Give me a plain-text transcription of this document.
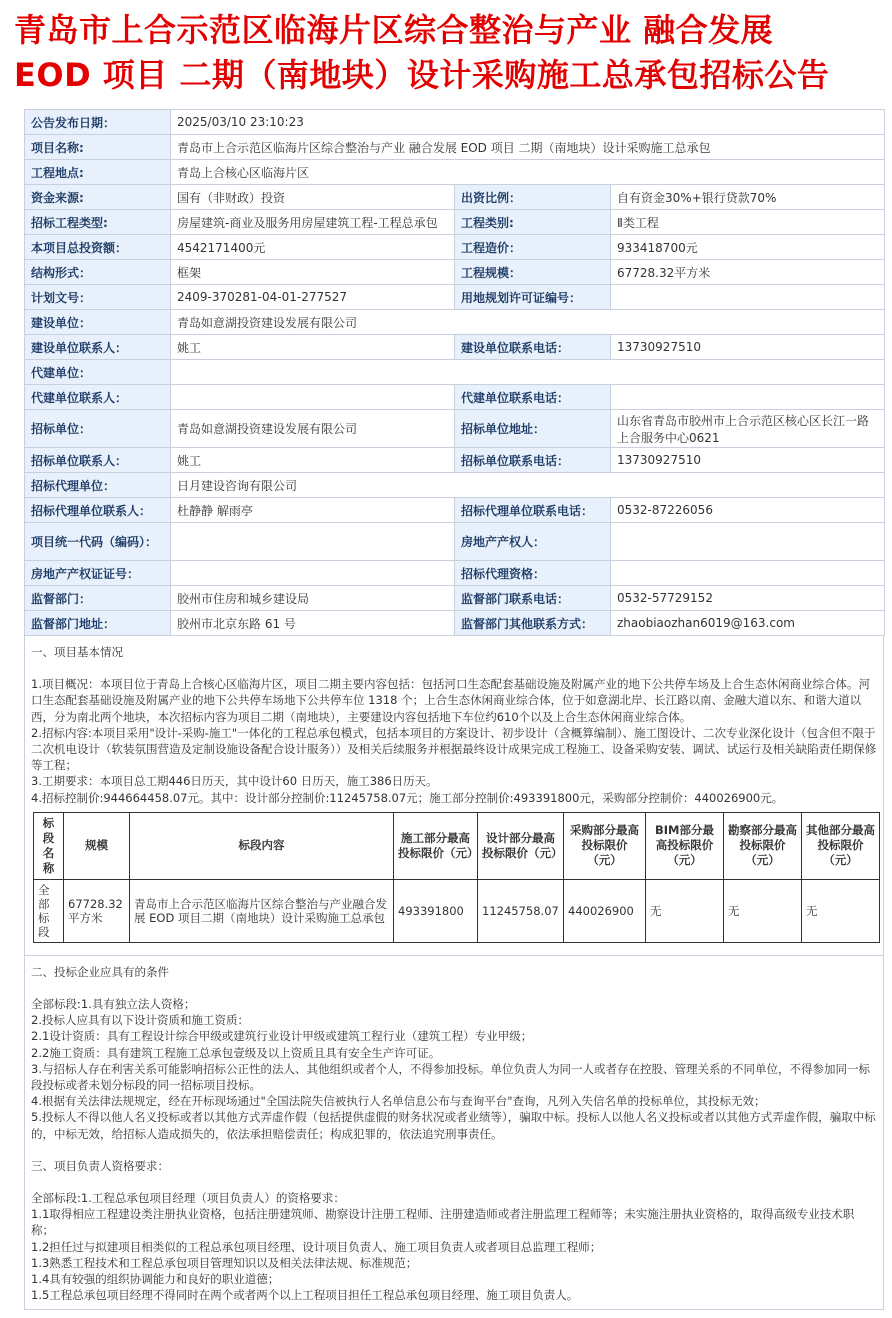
青岛市上合示范区临海片区综合整治与产业 融合发展
EOD 项目 二期（南地块）设计采购施工总承包招标公告
公告发布日期：	2025/03/10 23:10:23		
项目名称:	青岛市上合示范区临海片区综合整治与产业 融合发展 EOD 项目 二期（南地块）设计采购施工总承包		
工程地点:	青岛上合核心区临海片区		
资金来源:	国有（非财政）投资	出资比例：	自有资金30%+银行贷款70%
招标工程类型:	房屋建筑-商业及服务用房屋建筑工程-工程总承包	工程类别:	Ⅱ类工程
本项目总投资额：	4542171400元	工程造价：	933418700元
结构形式：	框架	工程规模：	67728.32平方米
计划文号：	2409-370281-04-01-277527	用地规划许可证编号：	
建设单位：	青岛如意湖投资建设发展有限公司		
建设单位联系人：	姚工	建设单位联系电话：	13730927510
代建单位：			
代建单位联系人：		代建单位联系电话：	
招标单位：	青岛如意湖投资建设发展有限公司	招标单位地址：	山东省青岛市胶州市上合示范区核心区长江一路上合服务中心0621
招标单位联系人：	姚工	招标单位联系电话：	13730927510
招标代理单位：	日月建设咨询有限公司		
招标代理单位联系人：	杜静静 解雨亭	招标代理单位联系电话：	0532-87226056
项目统一代码（编码）：		房地产产权人：	
房地产产权证证号：		招标代理资格：	
监督部门：	胶州市住房和城乡建设局	监督部门联系电话：	0532-57729152
监督部门地址：	胶州市北京东路 61 号	监督部门其他联系方式：	zhaobiaozhan6019@163.com

一、项目基本情况

1.项目概况：本项目位于青岛上合核心区临海片区，项目二期主要内容包括：包括河口生态配套基础设施及附属产业的地下公共停车场及上合生态休闲商业综合体。河口生态配套基础设施及附属产业的地下公共停车场地下公共停车位 1318 个；上合生态休闲商业综合体，位于如意湖北岸、长江路以南、金融大道以东、和谐大道以西，分为南北两个地块，本次招标内容为项目二期（南地块），主要建设内容包括地下车位约610个以及上合生态休闲商业综合体。

2.招标内容:本项目采用"设计-采购-施工"一体化的工程总承包模式，包括本项目的方案设计、初步设计（含概算编制）、施工图设计、二次专业深化设计（包含但不限于二次机电设计（软装氛围营造及定制设施设备配合设计服务））及相关后续服务并根据最终设计成果完成工程施工、设备采购安装、调试、试运行及相关缺陷责任期保修等工程；

3.工期要求：本项目总工期446日历天，其中设计60 日历天，施工386日历天。

4.招标控制价:944664458.07元。其中：设计部分控制价:11245758.07元；施工部分控制价:493391800元，采购部分控制价：440026900元。

标段名称	规模	标段内容	施工部分最高投标限价（元）	设计部分最高投标限价（元）	采购部分最高投标限价（元）	BIM部分最高投标限价（元）	勘察部分最高投标限价（元）	其他部分最高投标限价（元）
全部标段	67728.32平方米	青岛市上合示范区临海片区综合整治与产业融合发展 EOD 项目二期（南地块）设计采购施工总承包	493391800	11245758.07	440026900	无	无	无

二、投标企业应具有的条件

全部标段:1.具有独立法人资格；

2.投标人应具有以下设计资质和施工资质：

2.1设计资质：具有工程设计综合甲级或建筑行业设计甲级或建筑工程行业（建筑工程）专业甲级；

2.2施工资质：具有建筑工程施工总承包壹级及以上资质且具有安全生产许可证。

3.与招标人存在利害关系可能影响招标公正性的法人、其他组织或者个人，不得参加投标。单位负责人为同一人或者存在控股、管理关系的不同单位，不得参加同一标段投标或者未划分标段的同一招标项目投标。

4.根据有关法律法规规定，经在开标现场通过"全国法院失信被执行人名单信息公布与查询平台"查询，凡列入失信名单的投标单位，其投标无效；

5.投标人不得以他人名义投标或者以其他方式弄虚作假（包括提供虚假的财务状况或者业绩等），骗取中标。投标人以他人名义投标或者以其他方式弄虚作假，骗取中标的，中标无效，给招标人造成损失的，依法承担赔偿责任；构成犯罪的，依法追究刑事责任。

三、项目负责人资格要求：

全部标段:1.工程总承包项目经理（项目负责人）的资格要求：

1.1取得相应工程建设类注册执业资格，包括注册建筑师、勘察设计注册工程师、注册建造师或者注册监理工程师等；未实施注册执业资格的，取得高级专业技术职称；

1.2担任过与拟建项目相类似的工程总承包项目经理、设计项目负责人、施工项目负责人或者项目总监理工程师；

1.3熟悉工程技术和工程总承包项目管理知识以及相关法律法规、标准规范；

1.4具有较强的组织协调能力和良好的职业道德；

1.5工程总承包项目经理不得同时在两个或者两个以上工程项目担任工程总承包项目经理、施工项目负责人。
